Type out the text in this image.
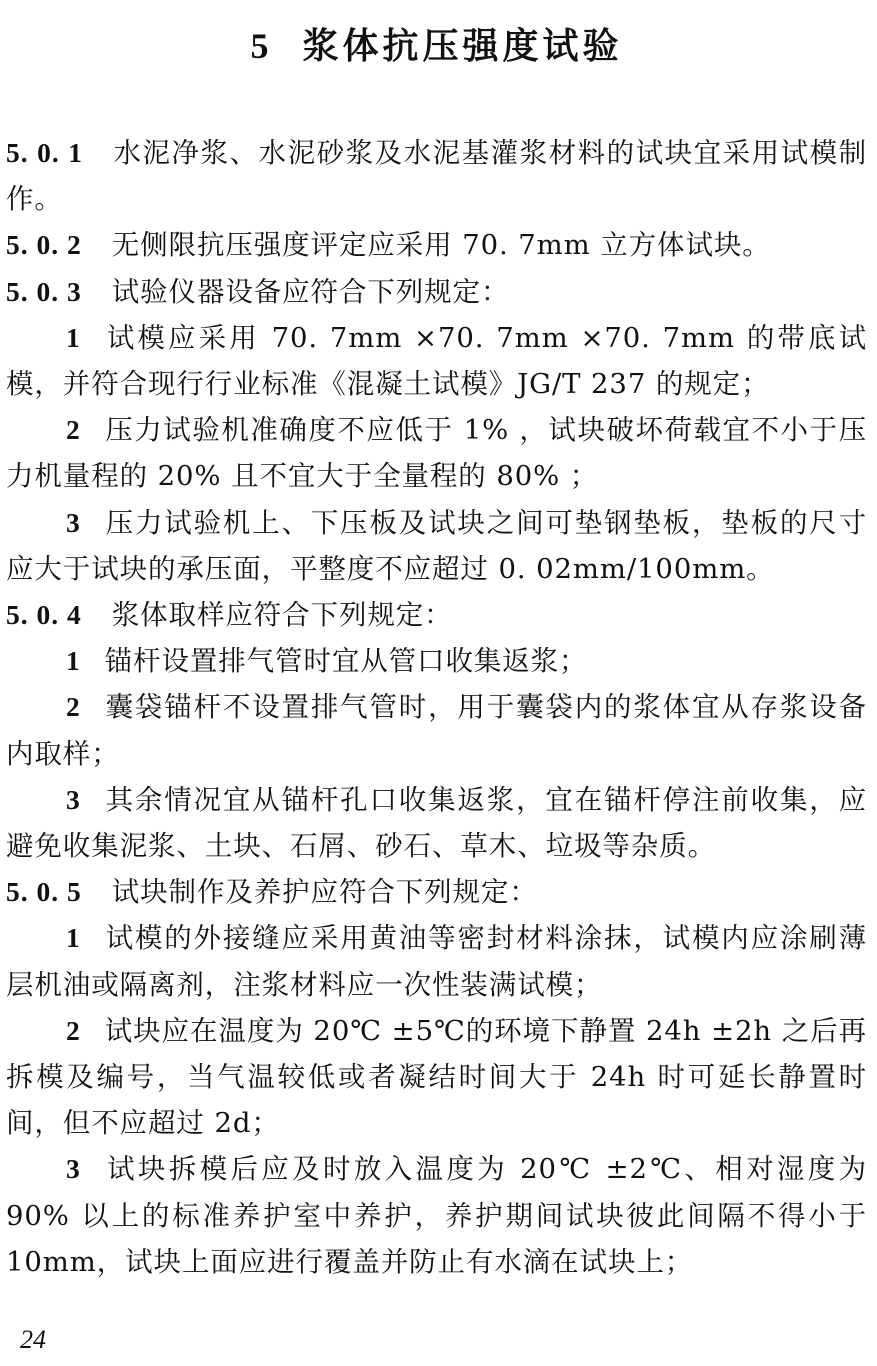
5 浆体抗压强度试验

5. 0. 1 水泥净浆、水泥砂浆及水泥基灌浆材料的试块宜采用试模制作。

5. 0. 2 无侧限抗压强度评定应采用 70. 7mm 立方体试块。

5. 0. 3 试验仪器设备应符合下列规定：

1 试模应采用 70. 7mm ×70. 7mm ×70. 7mm 的带底试模，并符合现行行业标准《混凝土试模》JG/T 237 的规定；

2 压力试验机准确度不应低于 1% ，试块破坏荷载宜不小于压力机量程的 20% 且不宜大于全量程的 80% ；

3 压力试验机上、下压板及试块之间可垫钢垫板，垫板的尺寸应大于试块的承压面，平整度不应超过 0. 02mm/100mm。

5. 0. 4 浆体取样应符合下列规定：

1 锚杆设置排气管时宜从管口收集返浆；

2 囊袋锚杆不设置排气管时，用于囊袋内的浆体宜从存浆设备内取样；

3 其余情况宜从锚杆孔口收集返浆，宜在锚杆停注前收集，应避免收集泥浆、土块、石屑、砂石、草木、垃圾等杂质。

5. 0. 5 试块制作及养护应符合下列规定：

1 试模的外接缝应采用黄油等密封材料涂抹，试模内应涂刷薄层机油或隔离剂，注浆材料应一次性装满试模；

2 试块应在温度为 20℃ ±5℃的环境下静置 24h ±2h 之后再拆模及编号，当气温较低或者凝结时间大于 24h 时可延长静置时间，但不应超过 2d；

3 试块拆模后应及时放入温度为 20℃ ±2℃、相对湿度为 90% 以上的标准养护室中养护，养护期间试块彼此间隔不得小于 10mm，试块上面应进行覆盖并防止有水滴在试块上；

24
